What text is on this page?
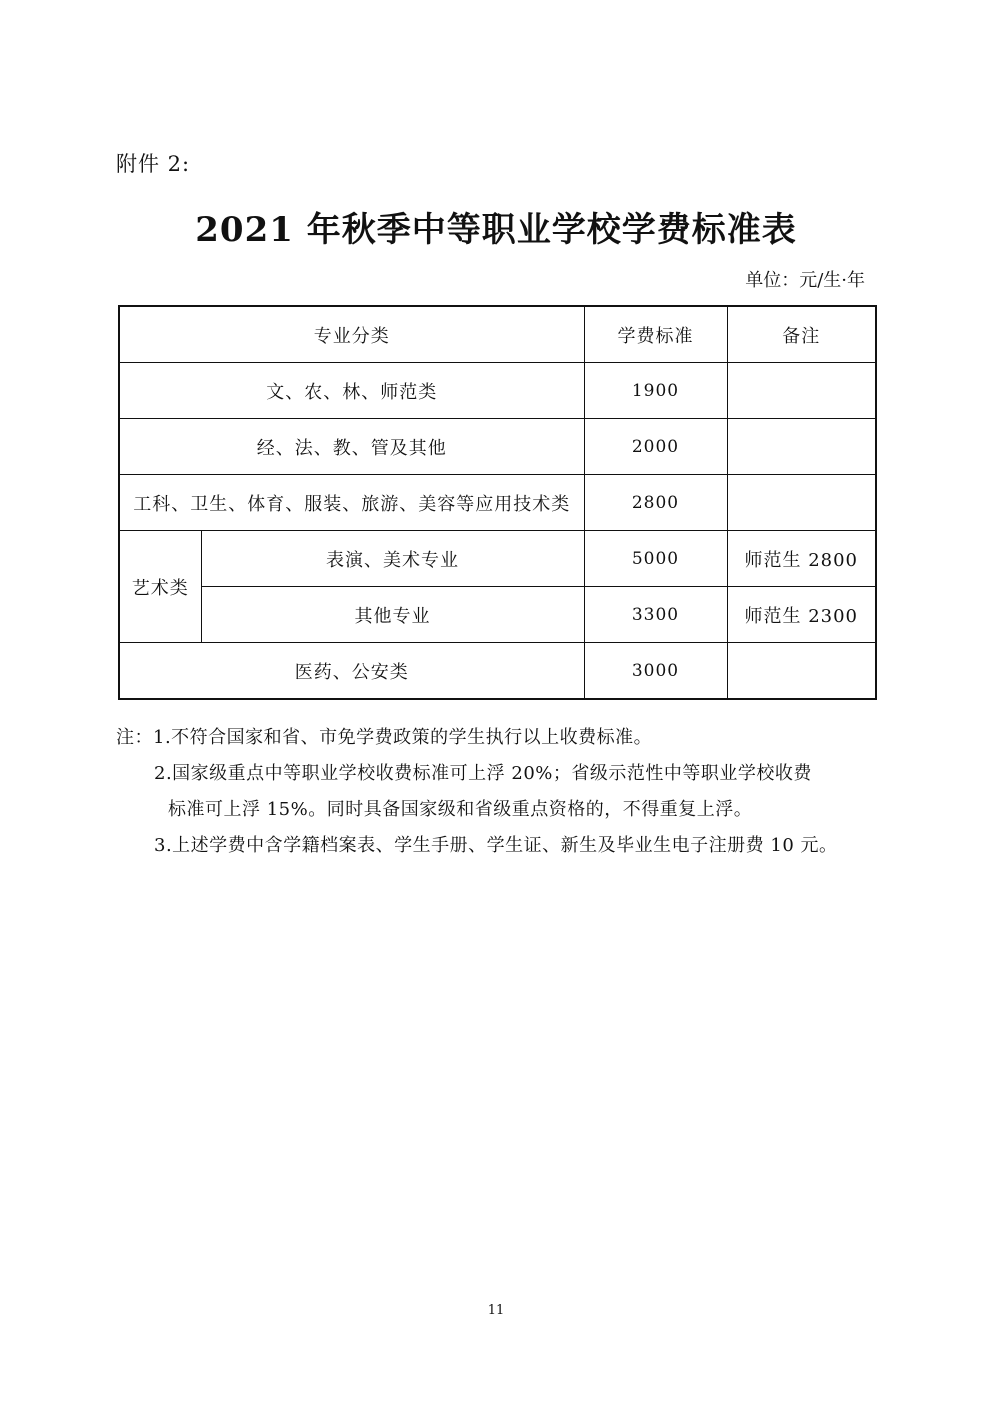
附件 2:
2021 年秋季中等职业学校学费标准表
单位：元/生·年
专业分类		学费标准	备注
文、农、林、师范类		1900	
经、法、教、管及其他		2000	
工科、卫生、体育、服装、旅游、美容等应用技术类		2800	
艺术类	表演、美术专业	5000	师范生 2800
	其他专业	3300	师范生 2300
医药、公安类		3000	
注：1.不符合国家和省、市免学费政策的学生执行以上收费标准。
2.国家级重点中等职业学校收费标准可上浮 20%；省级示范性中等职业学校收费
标准可上浮 15%。同时具备国家级和省级重点资格的，不得重复上浮。
3.上述学费中含学籍档案表、学生手册、学生证、新生及毕业生电子注册费 10 元。
11
